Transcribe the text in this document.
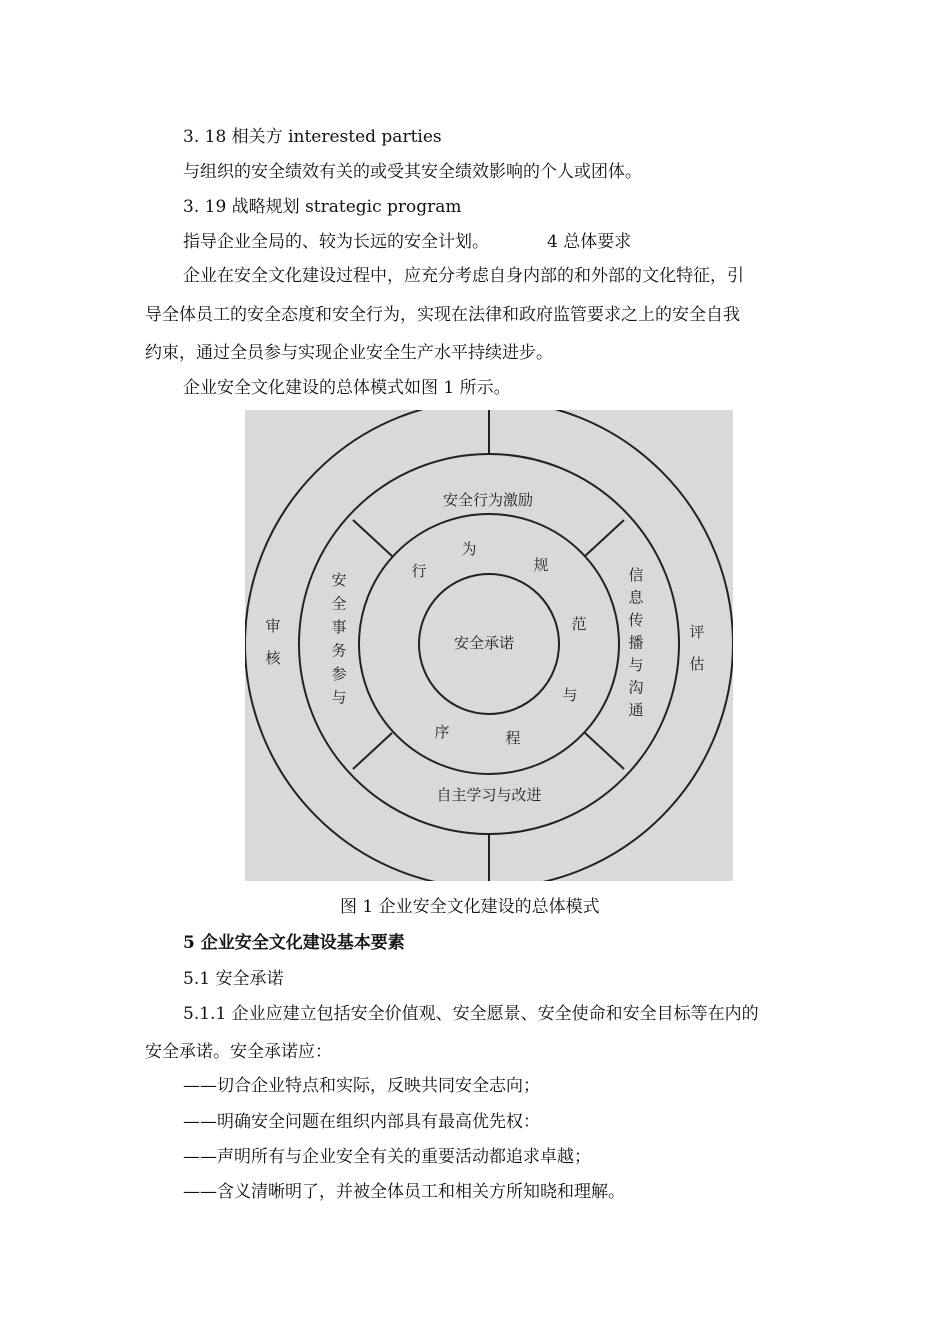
3. 18 相关方 interested parties
与组织的安全绩效有关的或受其安全绩效影响的个人或团体。
3. 19 战略规划 strategic program
指导企业全局的、较为长远的安全计划。	4 总体要求
企业在安全文化建设过程中，应充分考虑自身内部的和外部的文化特征，引
导全体员工的安全态度和安全行为，实现在法律和政府监管要求之上的安全自我
约束，通过全员参与实现企业安全生产水平持续进步。
企业安全文化建设的总体模式如图 1 所示。
安全承诺
行
为
规
范
与
程
序
安全行为激励
自主学习与改进
安
全
事
务
参
与
信
息
传
播
与
沟
通
审
核
评
估
图 1 企业安全文化建设的总体模式
5 企业安全文化建设基本要素
5.1 安全承诺
5.1.1 企业应建立包括安全价值观、安全愿景、安全使命和安全目标等在内的
安全承诺。安全承诺应：
——切合企业特点和实际，反映共同安全志向；
——明确安全问题在组织内部具有最高优先权：
——声明所有与企业安全有关的重要活动都追求卓越；
——含义清晰明了，并被全体员工和相关方所知晓和理解。
